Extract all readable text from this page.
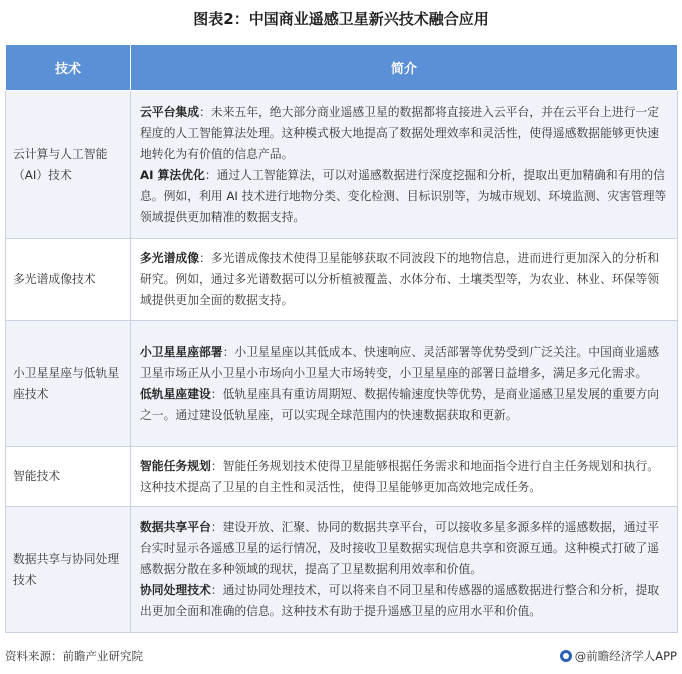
图表2：中国商业遥感卫星新兴技术融合应用
技术	简介
云计算与人工智能（AI）技术	云平台集成：未来五年，绝大部分商业遥感卫星的数据都将直接进入云平台，并在云平台上进行一定程度的人工智能算法处理。这种模式极大地提高了数据处理效率和灵活性，使得遥感数据能够更快速地转化为有价值的信息产品。
AI 算法优化：通过人工智能算法，可以对遥感数据进行深度挖掘和分析，提取出更加精确和有用的信息。例如，利用 AI 技术进行地物分类、变化检测、目标识别等，为城市规划、环境监测、灾害管理等领域提供更加精准的数据支持。

多光谱成像技术	多光谱成像：多光谱成像技术使得卫星能够获取不同波段下的地物信息，进而进行更加深入的分析和研究。例如，通过多光谱数据可以分析植被覆盖、水体分布、土壤类型等，为农业、林业、环保等领域提供更加全面的数据支持。

小卫星星座与低轨星座技术	小卫星星座部署：小卫星星座以其低成本、快速响应、灵活部署等优势受到广泛关注。中国商业遥感卫星市场正从小卫星小市场向小卫星大市场转变，小卫星星座的部署日益增多，满足多元化需求。
低轨星座建设：低轨星座具有重访周期短、数据传输速度快等优势，是商业遥感卫星发展的重要方向之一。通过建设低轨星座，可以实现全球范围内的快速数据获取和更新。

智能技术	智能任务规划：智能任务规划技术使得卫星能够根据任务需求和地面指令进行自主任务规划和执行。这种技术提高了卫星的自主性和灵活性，使得卫星能够更加高效地完成任务。

数据共享与协同处理技术	数据共享平台：建设开放、汇聚、协同的数据共享平台，可以接收多星多源多样的遥感数据，通过平台实时显示各遥感卫星的运行情况，及时接收卫星数据实现信息共享和资源互通。这种模式打破了遥感数据分散在多种领域的现状，提高了卫星数据利用效率和价值。
协同处理技术：通过协同处理技术，可以将来自不同卫星和传感器的遥感数据进行整合和分析，提取出更加全面和准确的信息。这种技术有助于提升遥感卫星的应用水平和价值。
资料来源：前瞻产业研究院	@前瞻经济学人APP
